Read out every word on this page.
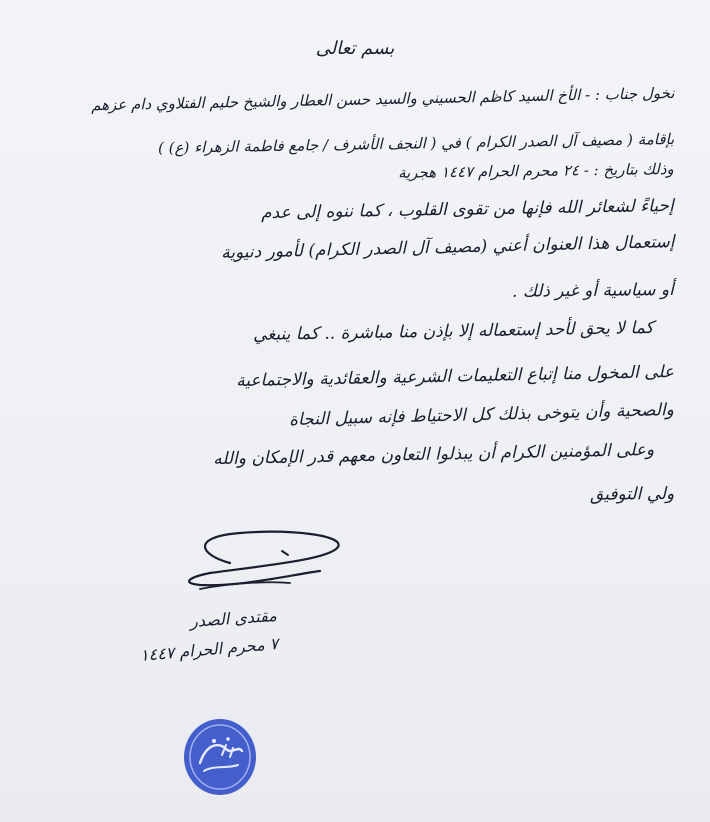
بسم تعالى
نخول جناب : - الأخ السيد كاظم الحسيني والسيد حسن العطار والشيخ حليم الفتلاوي دام عزهم
بإقامة ( مصيف آل الصدر الكرام ) في ( النجف الأشرف / جامع فاطمة الزهراء (ع) )
وذلك بتاريخ : - ٢٤ محرم الحرام ١٤٤٧ هجرية
إحياءً لشعائر الله فإنها من تقوى القلوب ، كما ننوه إلى عدم
إستعمال هذا العنوان أعني (مصيف آل الصدر الكرام) لأمور دنيوية
أو سياسية أو غير ذلك .
كما لا يحق لأحد إستعماله إلا بإذن منا مباشرة .. كما ينبغي
على المخول منا إتباع التعليمات الشرعية والعقائدية والاجتماعية
والصحية وأن يتوخى بذلك كل الاحتياط فإنه سبيل النجاة
وعلى المؤمنين الكرام أن يبذلوا التعاون معهم قدر الإمكان والله
ولي التوفيق
مقتدى الصدر
٧ محرم الحرام ١٤٤٧
